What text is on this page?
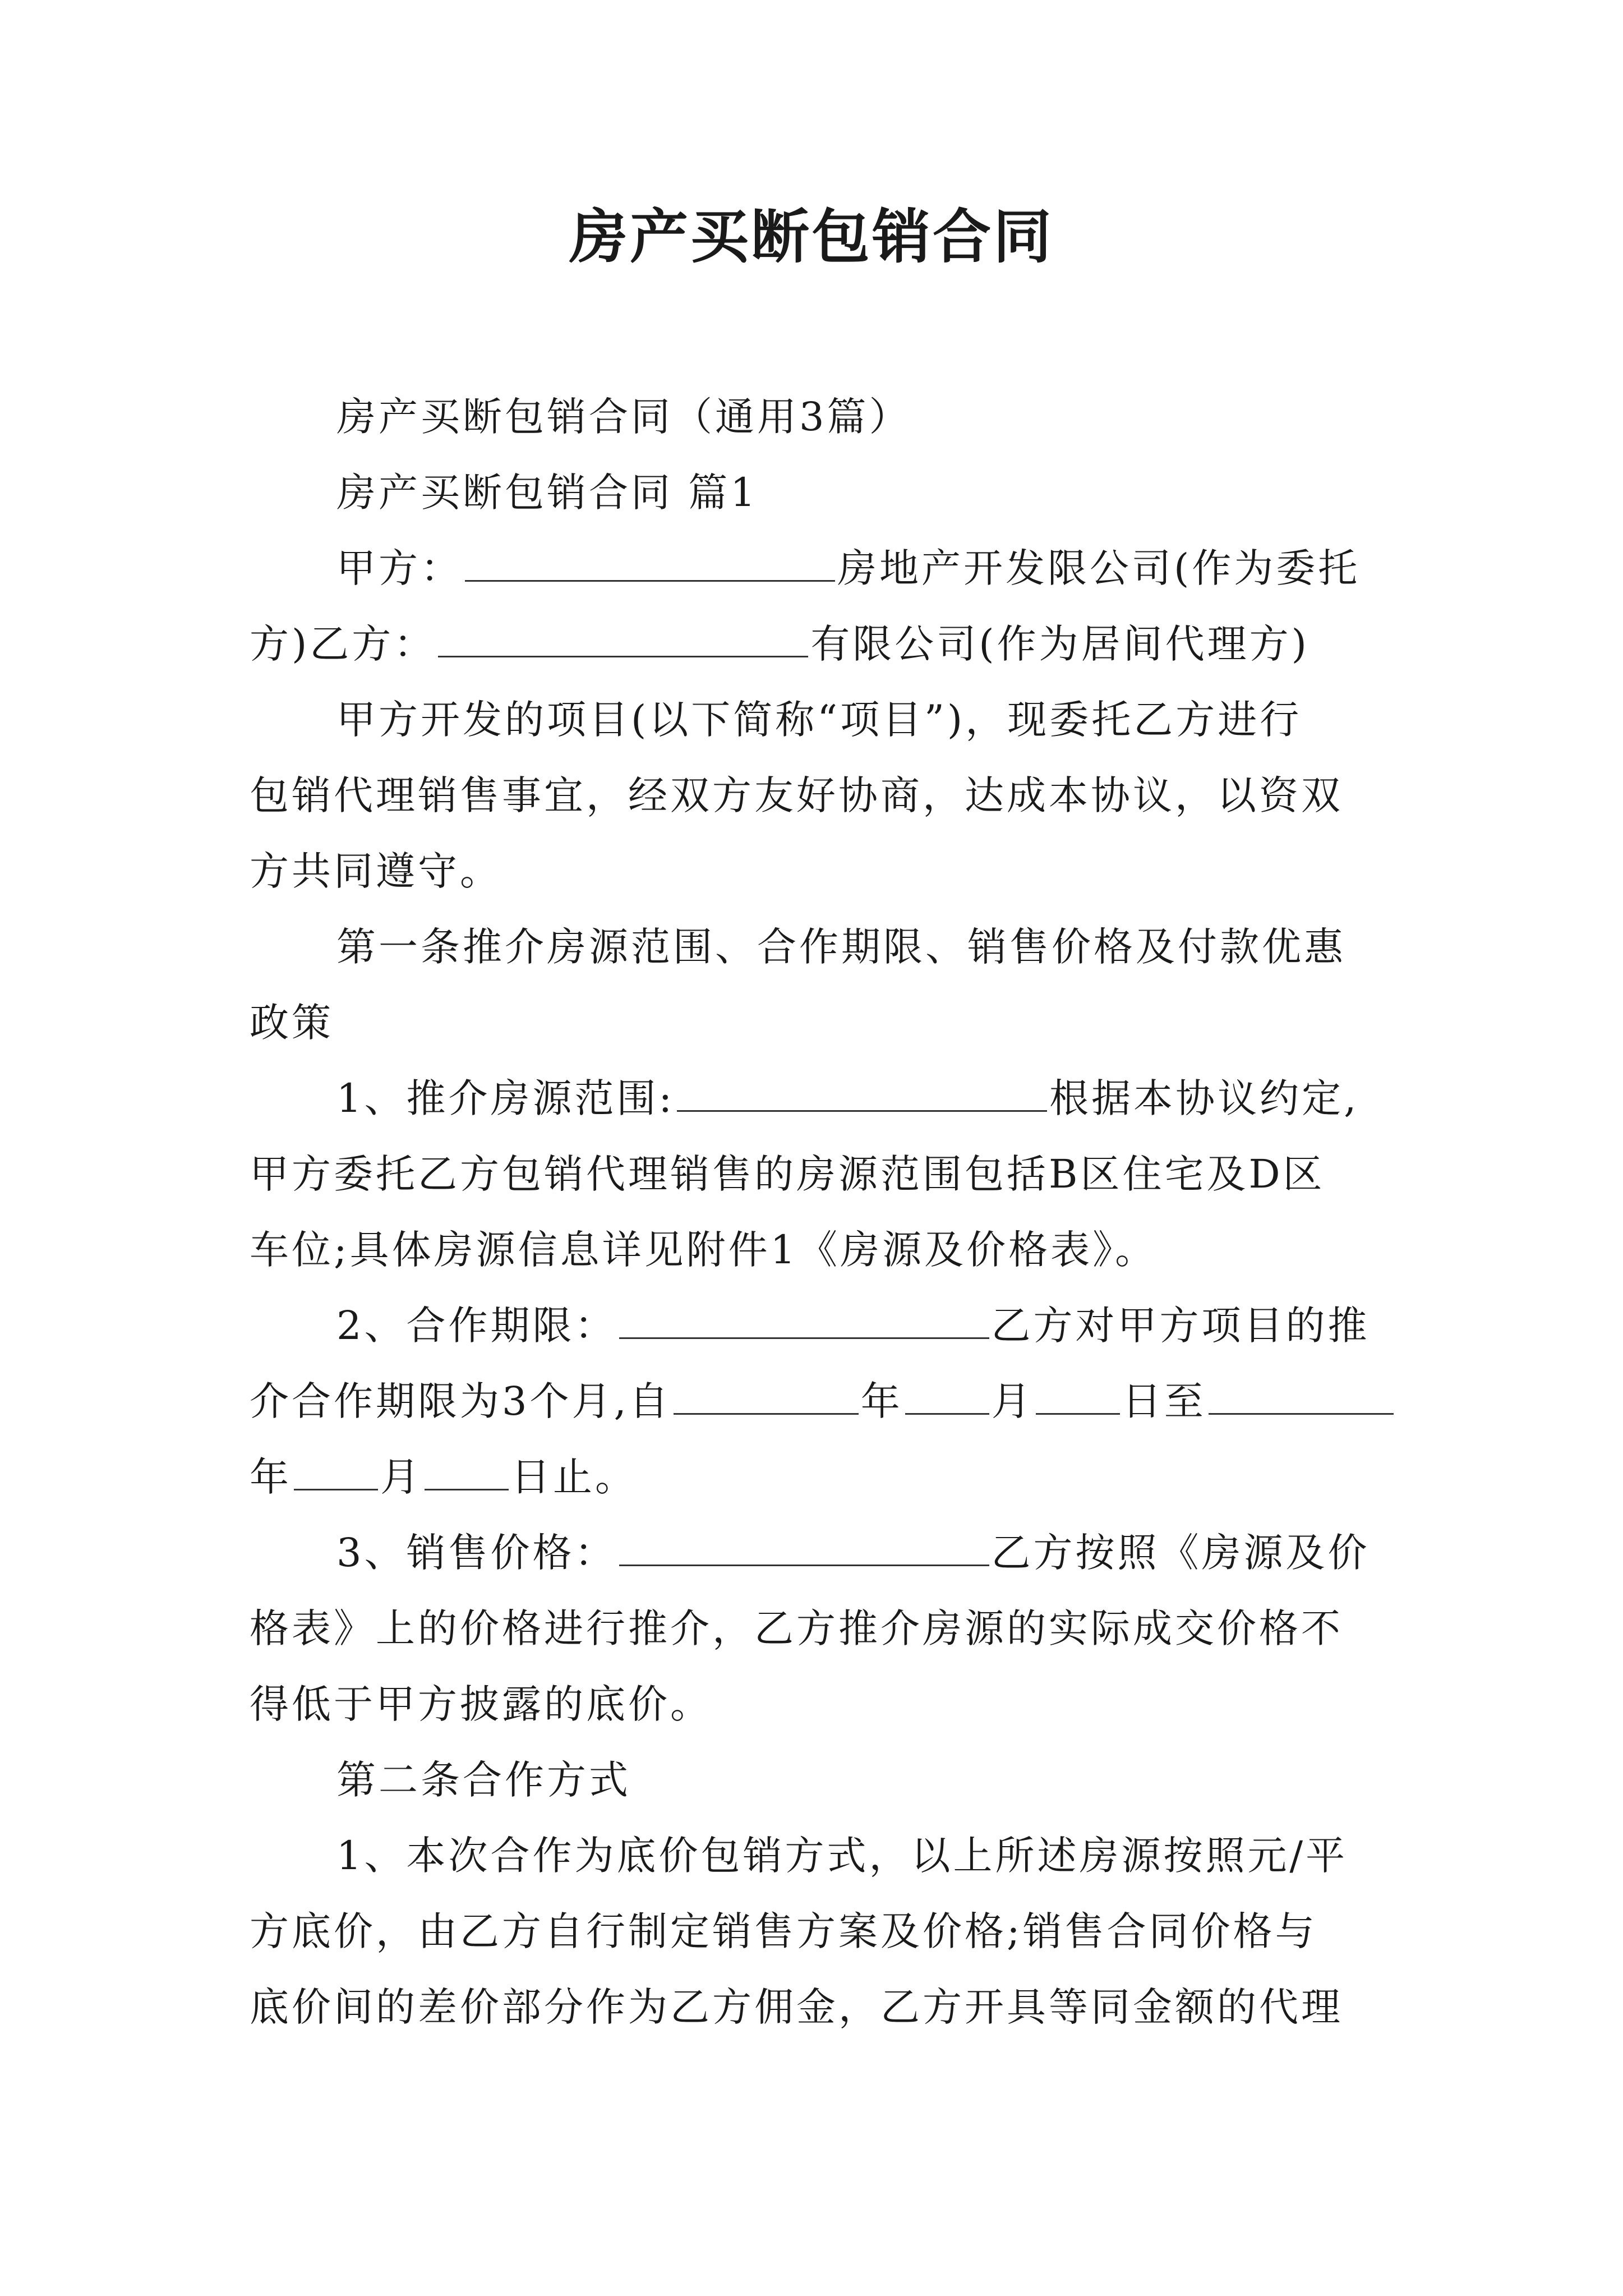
房产买断包销合同
房产买断包销合同（通用3篇）
房产买断包销合同 篇1
甲方：	房地产开发限公司(作为委托
方)乙方：	有限公司(作为居间代理方)
甲方开发的项目(以下简称“项目”)，现委托乙方进行
包销代理销售事宜，经双方友好协商，达成本协议，以资双
方共同遵守。
第一条推介房源范围、合作期限、销售价格及付款优惠
政策
1、推介房源范围:	根据本协议约定,
甲方委托乙方包销代理销售的房源范围包括B区住宅及D区
车位;具体房源信息详见附件1《房源及价格表》。
2、合作期限：	乙方对甲方项目的推
介合作期限为3个月,自	年 月 日至
年 月 日止。
3、销售价格：	乙方按照《房源及价
格表》上的价格进行推介，乙方推介房源的实际成交价格不
得低于甲方披露的底价。
第二条合作方式
1、本次合作为底价包销方式，以上所述房源按照元/平
方底价，由乙方自行制定销售方案及价格;销售合同价格与
底价间的差价部分作为乙方佣金，乙方开具等同金额的代理
